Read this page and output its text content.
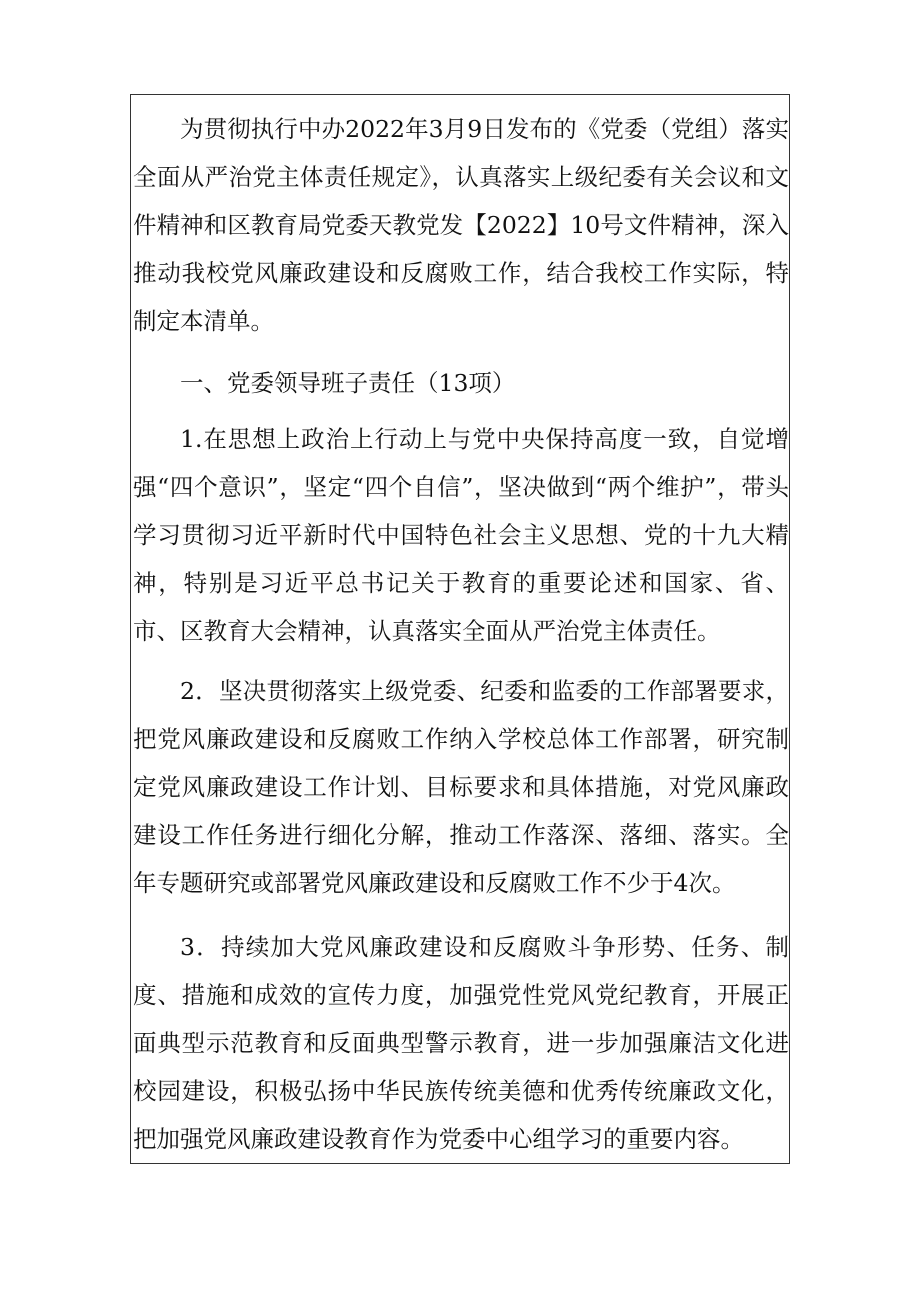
为贯彻执行中办2022年3月9日发布的《党委（党组）落实全面从严治党主体责任规定》，认真落实上级纪委有关会议和文件精神和区教育局党委天教党发【2022】10号文件精神，深入推动我校党风廉政建设和反腐败工作，结合我校工作实际，特制定本清单。

一、党委领导班子责任（13项）

1.在思想上政治上行动上与党中央保持高度一致，自觉增强“四个意识”，坚定“四个自信”，坚决做到“两个维护”，带头学习贯彻习近平新时代中国特色社会主义思想、党的十九大精神，特别是习近平总书记关于教育的重要论述和国家、省、市、区教育大会精神，认真落实全面从严治党主体责任。

2．坚决贯彻落实上级党委、纪委和监委的工作部署要求，把党风廉政建设和反腐败工作纳入学校总体工作部署，研究制定党风廉政建设工作计划、目标要求和具体措施，对党风廉政建设工作任务进行细化分解，推动工作落深、落细、落实。全年专题研究或部署党风廉政建设和反腐败工作不少于4次。

3．持续加大党风廉政建设和反腐败斗争形势、任务、制度、措施和成效的宣传力度，加强党性党风党纪教育，开展正面典型示范教育和反面典型警示教育，进一步加强廉洁文化进校园建设，积极弘扬中华民族传统美德和优秀传统廉政文化，把加强党风廉政建设教育作为党委中心组学习的重要内容。
